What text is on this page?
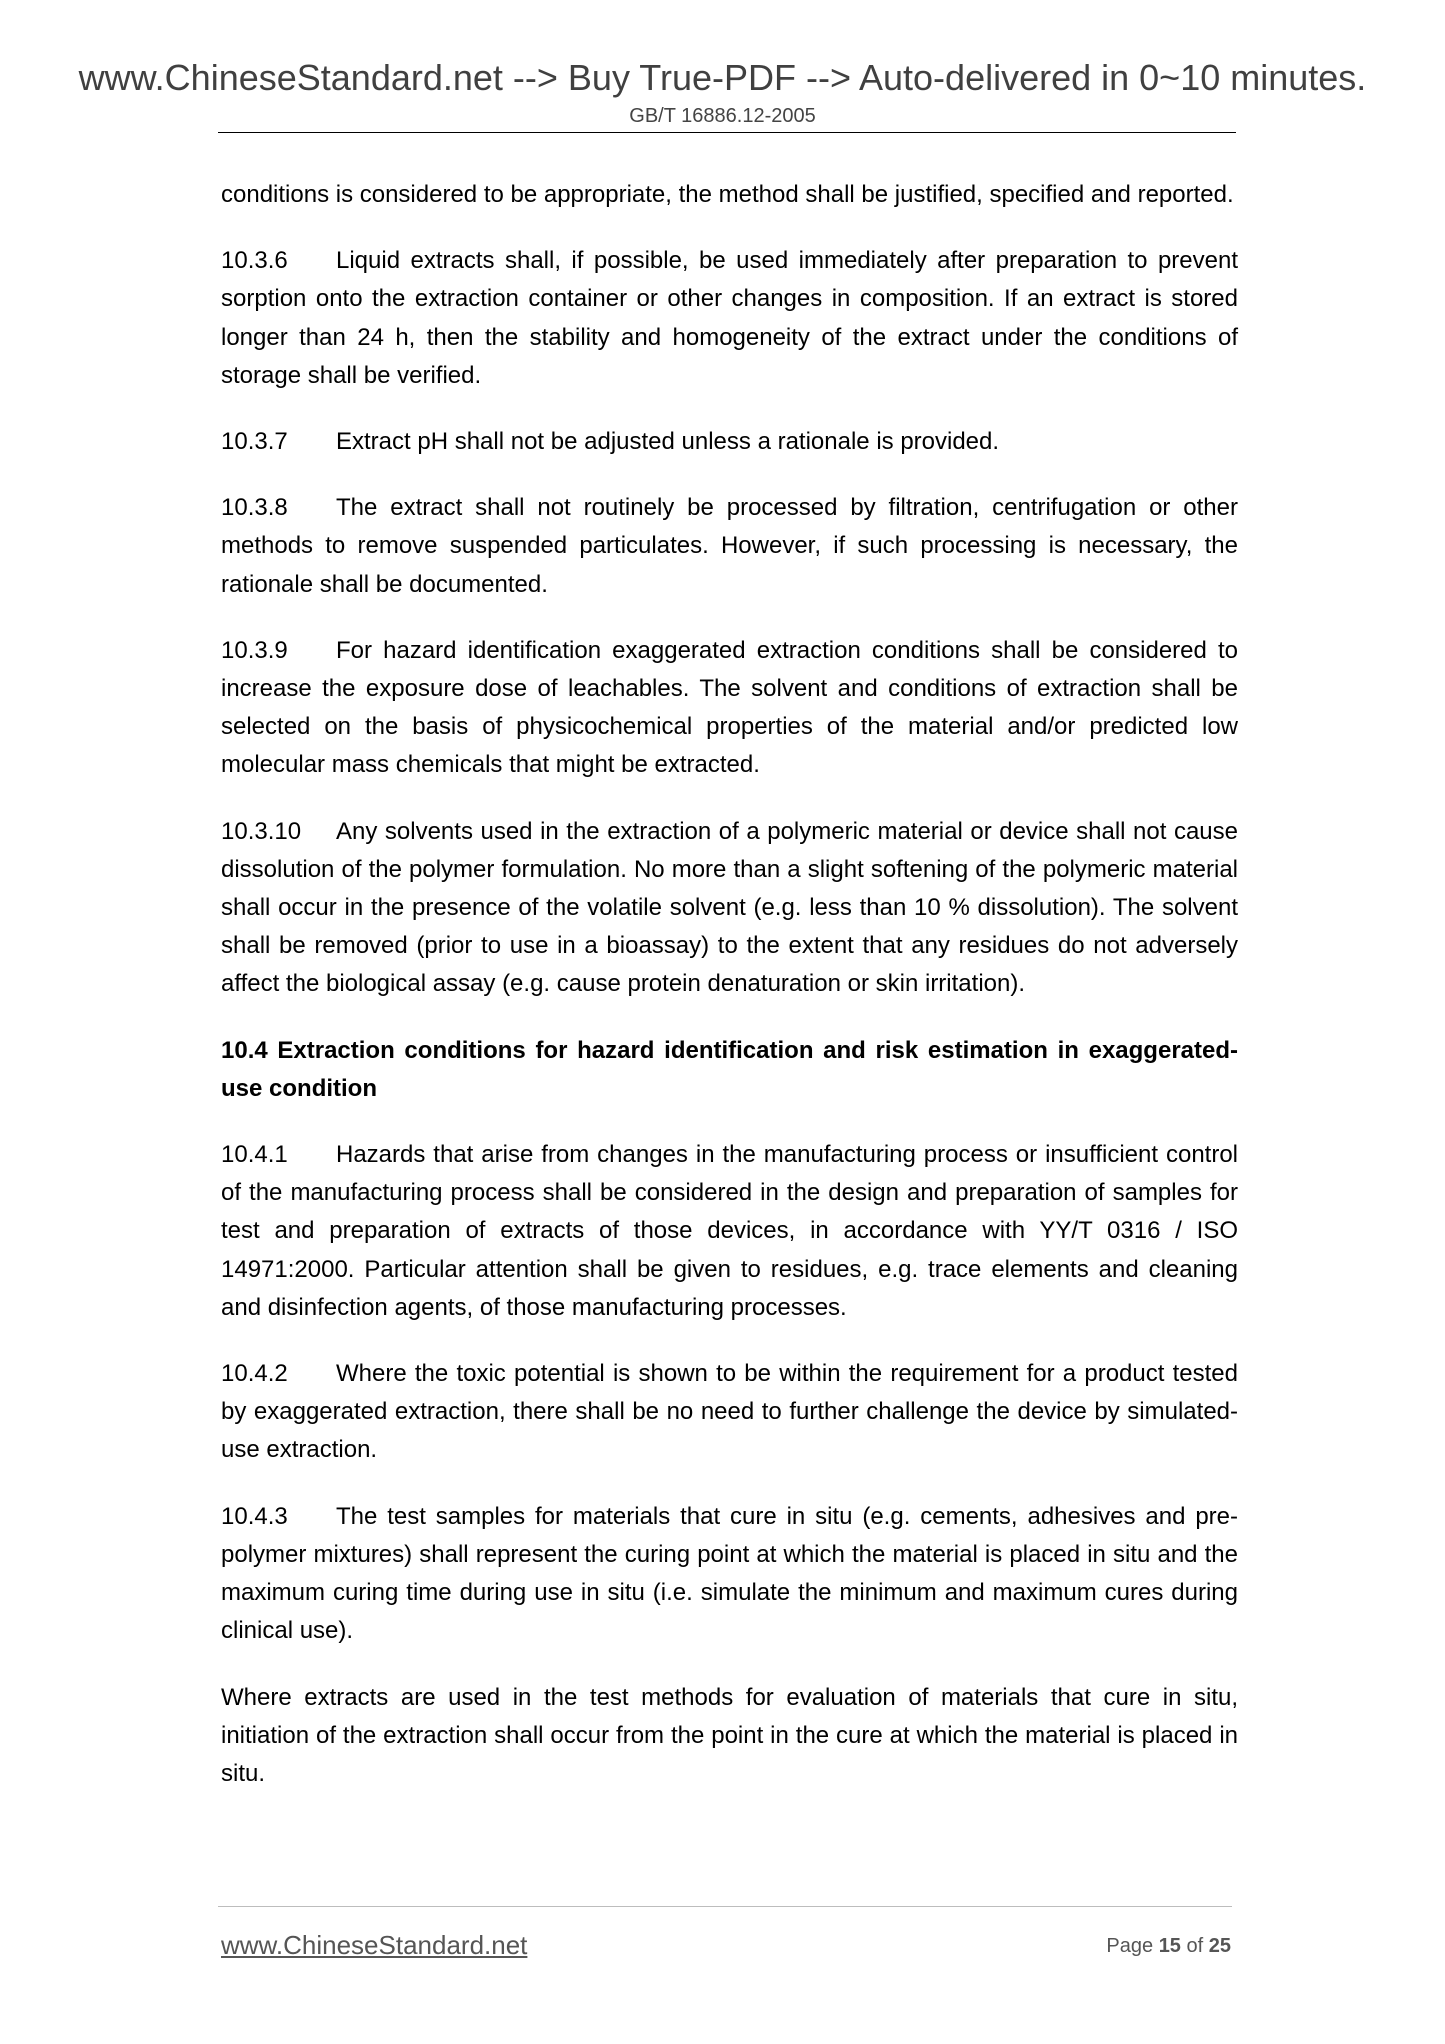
www.ChineseStandard.net --> Buy True-PDF --> Auto-delivered in 0~10 minutes.
GB/T 16886.12-2005

conditions is considered to be appropriate, the method shall be justified, specified and reported.

10.3.6 Liquid extracts shall, if possible, be used immediately after preparation to prevent sorption onto the extraction container or other changes in composition. If an extract is stored longer than 24 h, then the stability and homogeneity of the extract under the conditions of storage shall be verified.

10.3.7 Extract pH shall not be adjusted unless a rationale is provided.

10.3.8 The extract shall not routinely be processed by filtration, centrifugation or other methods to remove suspended particulates. However, if such processing is necessary, the rationale shall be documented.

10.3.9 For hazard identification exaggerated extraction conditions shall be considered to increase the exposure dose of leachables. The solvent and conditions of extraction shall be selected on the basis of physicochemical properties of the material and/or predicted low molecular mass chemicals that might be extracted.

10.3.10 Any solvents used in the extraction of a polymeric material or device shall not cause dissolution of the polymer formulation. No more than a slight softening of the polymeric material shall occur in the presence of the volatile solvent (e.g. less than 10 % dissolution). The solvent shall be removed (prior to use in a bioassay) to the extent that any residues do not adversely affect the biological assay (e.g. cause protein denaturation or skin irritation).

10.4 Extraction conditions for hazard identification and risk estimation in exaggerated-use condition

10.4.1 Hazards that arise from changes in the manufacturing process or insufficient control of the manufacturing process shall be considered in the design and preparation of samples for test and preparation of extracts of those devices, in accordance with YY/T 0316 / ISO 14971:2000. Particular attention shall be given to residues, e.g. trace elements and cleaning and disinfection agents, of those manufacturing processes.

10.4.2 Where the toxic potential is shown to be within the requirement for a product tested by exaggerated extraction, there shall be no need to further challenge the device by simulated-use extraction.

10.4.3 The test samples for materials that cure in situ (e.g. cements, adhesives and pre-polymer mixtures) shall represent the curing point at which the material is placed in situ and the maximum curing time during use in situ (i.e. simulate the minimum and maximum cures during clinical use).

Where extracts are used in the test methods for evaluation of materials that cure in situ, initiation of the extraction shall occur from the point in the cure at which the material is placed in situ.

www.ChineseStandard.net	Page 15 of 25
